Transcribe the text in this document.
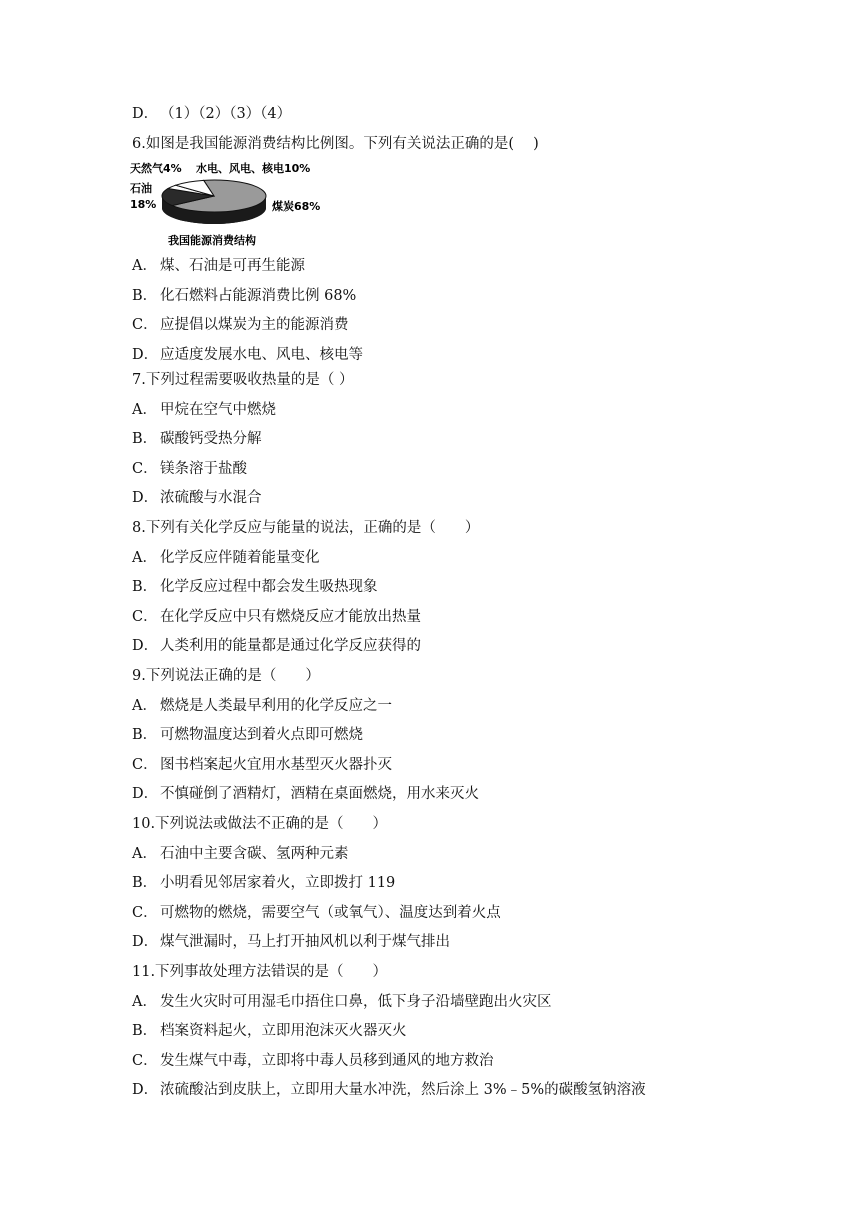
D． （1）（2）（3）（4）
6.如图是我国能源消费结构比例图。下列有关说法正确的是(　 )
天然气4% 水电、风电、核电10%
石油
18%	煤炭68%
我国能源消费结构
A． 煤、石油是可再生能源
B． 化石燃料占能源消费比例 68%
C． 应提倡以煤炭为主的能源消费
D． 应适度发展水电、风电、核电等
7.下列过程需要吸收热量的是（ ）
A． 甲烷在空气中燃烧
B． 碳酸钙受热分解
C． 镁条溶于盐酸
D． 浓硫酸与水混合
8.下列有关化学反应与能量的说法，正确的是（　　）
A． 化学反应伴随着能量变化
B． 化学反应过程中都会发生吸热现象
C． 在化学反应中只有燃烧反应才能放出热量
D． 人类利用的能量都是通过化学反应获得的
9.下列说法正确的是（　　）
A． 燃烧是人类最早利用的化学反应之一
B． 可燃物温度达到着火点即可燃烧
C． 图书档案起火宜用水基型灭火器扑灭
D． 不慎碰倒了酒精灯，酒精在桌面燃烧，用水来灭火
10.下列说法或做法不正确的是（　　）
A． 石油中主要含碳、氢两种元素
B． 小明看见邻居家着火，立即拨打 119
C． 可燃物的燃烧，需要空气（或氧气）、温度达到着火点
D． 煤气泄漏时，马上打开抽风机以利于煤气排出
11.下列事故处理方法错误的是（　　）
A． 发生火灾时可用湿毛巾捂住口鼻，低下身子沿墙壁跑出火灾区
B． 档案资料起火，立即用泡沫灭火器灭火
C． 发生煤气中毒，立即将中毒人员移到通风的地方救治
D． 浓硫酸沾到皮肤上，立即用大量水冲洗，然后涂上 3%﹣5%的碳酸氢钠溶液
